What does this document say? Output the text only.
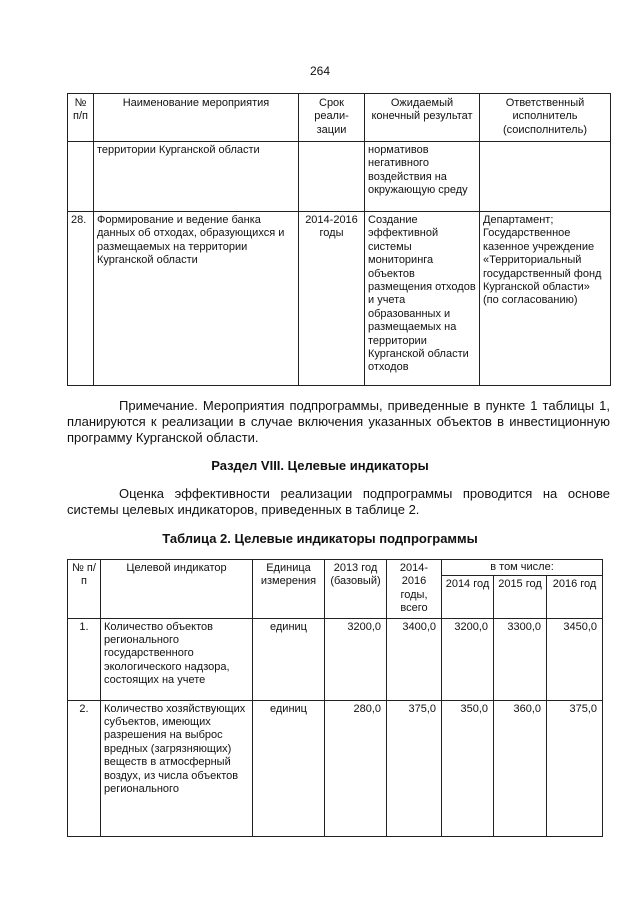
264
№ п/п	Наименование мероприятия	Срок реали-зации	Ожидаемый конечный результат	Ответственный исполнитель (соисполнитель)
	территории Курганской области		нормативов негативного воздействия на окружающую среду	
28.	Формирование и ведение банка данных об отходах, образующихся и размещаемых на территории Курганской области	2014-2016 годы	Создание эффективной системы мониторинга объектов размещения отходов и учета образованных и размещаемых на территории Курганской области отходов	Департамент; Государственное казенное учреждение «Территориальный государственный фонд Курганской области» (по согласованию)
Примечание. Мероприятия подпрограммы, приведенные в пункте 1 таблицы 1, планируются к реализации в случае включения указанных объектов в инвестиционную программу Курганской области.
Раздел VIII. Целевые индикаторы
Оценка эффективности реализации подпрограммы проводится на основе системы целевых индикаторов, приведенных в таблице 2.
Таблица 2. Целевые индикаторы подпрограммы
№ п/п	Целевой индикатор	Единица измерения	2013 год (базовый)	2014-2016 годы, всего	в том числе:		
					2014 год	2015 год	2016 год
1.	Количество объектов регионального государственного экологического надзора, состоящих на учете	единиц	3200,0	3400,0	3200,0	3300,0	3450,0
2.	Количество хозяйствующих субъектов, имеющих разрешения на выброс вредных (загрязняющих) веществ в атмосферный воздух, из числа объектов регионального	единиц	280,0	375,0	350,0	360,0	375,0
